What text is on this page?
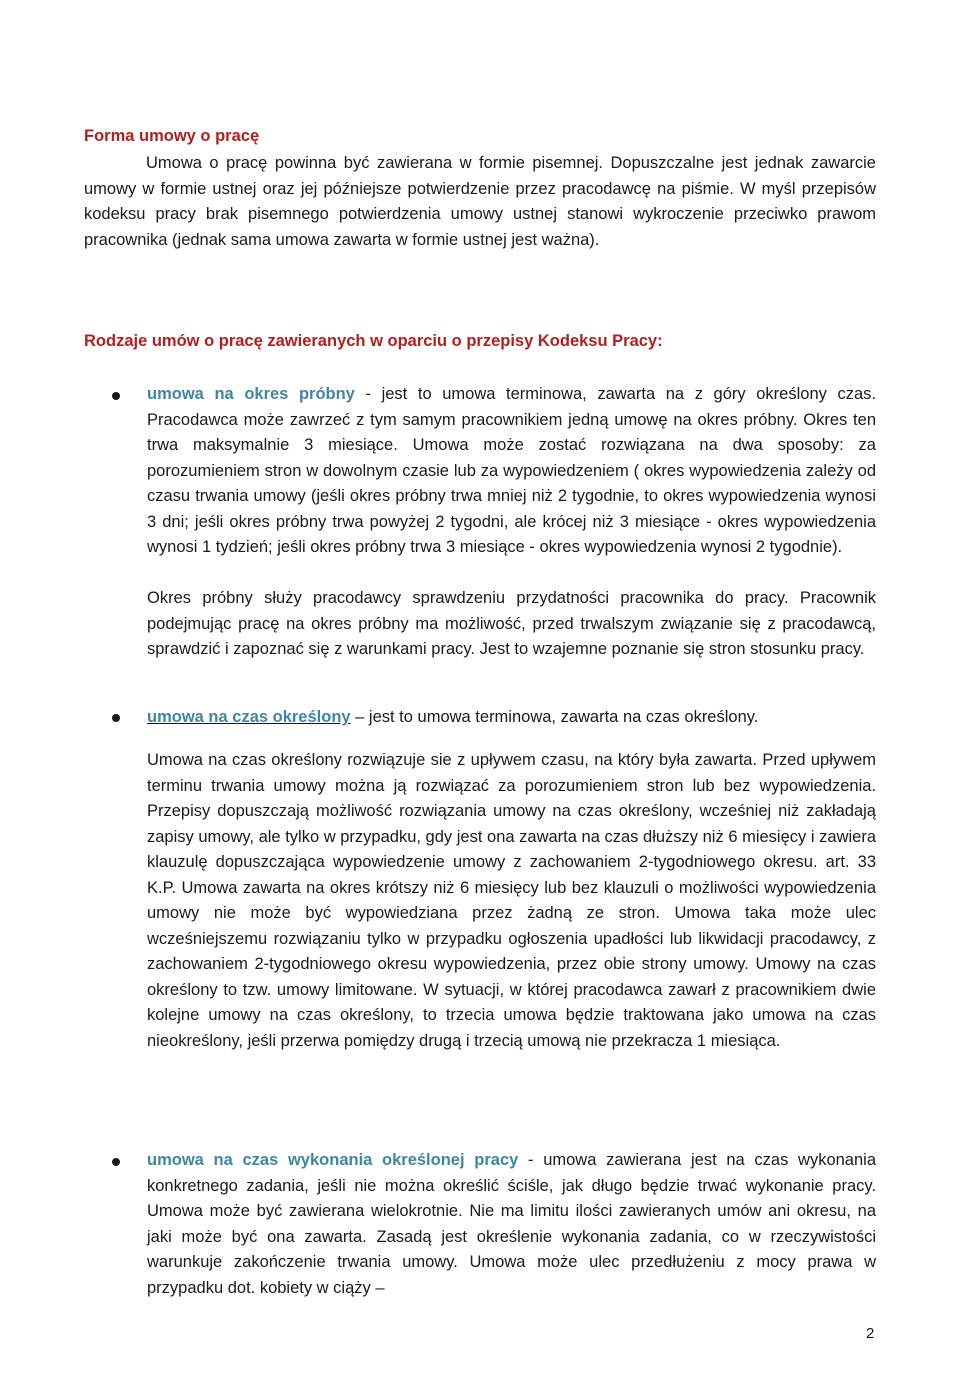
Forma umowy o pracę

Umowa o pracę powinna być zawierana w formie pisemnej. Dopuszczalne jest jednak zawarcie umowy w formie ustnej oraz jej późniejsze potwierdzenie przez pracodawcę na piśmie. W myśl przepisów kodeksu pracy brak pisemnego potwierdzenia umowy ustnej stanowi wykroczenie przeciwko prawom pracownika (jednak sama umowa zawarta w formie ustnej jest ważna).

Rodzaje umów o pracę zawieranych w oparciu o przepisy Kodeksu Pracy:

umowa na okres próbny - jest to umowa terminowa, zawarta na z góry określony czas. Pracodawca może zawrzeć z tym samym pracownikiem jedną umowę na okres próbny. Okres ten trwa maksymalnie 3 miesiące. Umowa może zostać rozwiązana na dwa sposoby: za porozumieniem stron w dowolnym czasie lub za wypowiedzeniem ( okres wypowiedzenia zależy od czasu trwania umowy (jeśli okres próbny trwa mniej niż 2 tygodnie, to okres wypowiedzenia wynosi 3 dni; jeśli okres próbny trwa powyżej 2 tygodni, ale krócej niż 3 miesiące - okres wypowiedzenia wynosi 1 tydzień; jeśli okres próbny trwa 3 miesiące - okres wypowiedzenia wynosi 2 tygodnie).

Okres próbny służy pracodawcy sprawdzeniu przydatności pracownika do pracy. Pracownik podejmując pracę na okres próbny ma możliwość, przed trwalszym związanie się z pracodawcą, sprawdzić i zapoznać się z warunkami pracy. Jest to wzajemne poznanie się stron stosunku pracy.

umowa na czas określony – jest to umowa terminowa, zawarta na czas określony.

Umowa na czas określony rozwiązuje sie z upływem czasu, na który była zawarta. Przed upływem terminu trwania umowy można ją rozwiązać za porozumieniem stron lub bez wypowiedzenia. Przepisy dopuszczają możliwość rozwiązania umowy na czas określony, wcześniej niż zakładają zapisy umowy, ale tylko w przypadku, gdy jest ona zawarta na czas dłuższy niż 6 miesięcy i zawiera klauzulę dopuszczająca wypowiedzenie umowy z zachowaniem 2-tygodniowego okresu. art. 33 K.P. Umowa zawarta na okres krótszy niż 6 miesięcy lub bez klauzuli o możliwości wypowiedzenia umowy nie może być wypowiedziana przez żadną ze stron. Umowa taka może ulec wcześniejszemu rozwiązaniu tylko w przypadku ogłoszenia upadłości lub likwidacji pracodawcy, z zachowaniem 2-tygodniowego okresu wypowiedzenia, przez obie strony umowy. Umowy na czas określony to tzw. umowy limitowane. W sytuacji, w której pracodawca zawarł z pracownikiem dwie kolejne umowy na czas określony, to trzecia umowa będzie traktowana jako umowa na czas nieokreślony, jeśli przerwa pomiędzy drugą i trzecią umową nie przekracza 1 miesiąca.

umowa na czas wykonania określonej pracy - umowa zawierana jest na czas wykonania konkretnego zadania, jeśli nie można określić ściśle, jak długo będzie trwać wykonanie pracy. Umowa może być zawierana wielokrotnie. Nie ma limitu ilości zawieranych umów ani okresu, na jaki może być ona zawarta. Zasadą jest określenie wykonania zadania, co w rzeczywistości warunkuje zakończenie trwania umowy. Umowa może ulec przedłużeniu z mocy prawa w przypadku dot. kobiety w ciąży –

2
